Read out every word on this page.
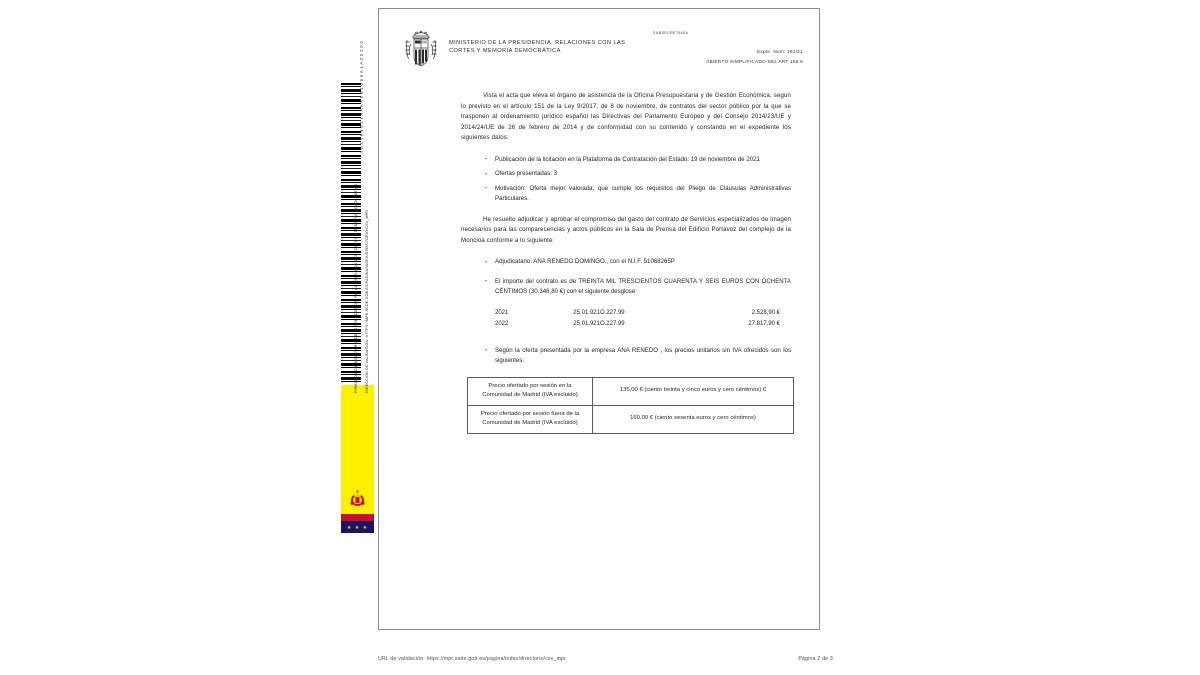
2 6 4 4 6 9 4 2 1 A A A 6 9 B 1 0 5 6 A 1 A 2 5 2 0 0
DIRECCIÓN DE VALIDACIÓN: HTTPS://MPR.SEDE.GOB.ES/PAGINA/INDEX/DIRECTORIO/CSV_MPR
FIRMADO POR: MINISTERIO DE LA PRESIDENCIA, RELACIONES CON LAS CORTES Y MEMORIA DEMOCRÁTICA
★ ★ ★
MINISTERIO DE LA PRESIDENCIA, RELACIONES CON LAS
CORTES Y MEMORIA DEMOCRÁTICA
SUBSECRETARÍA
Expte. Num: 281/21
ABIERTO SIMPLIFICADO DEL ART 159.6

Vista el acta que eleva el órgano de asistencia de la Oficina Presupuestaria y de Gestión Económica, según lo previsto en el artículo 151 de la Ley 9/2017, de 8 de noviembre, de contratos del sector público por la que se trasponen al ordenamiento jurídico español las Directivas del Parlamento Europeo y del Consejo 2014/23/UE y 2014/24/UE de 26 de febrero de 2014 y de conformidad con su contenido y constando en el expediente los siguientes datos:

▪ Publicación de la licitación en la Plataforma de Contratación del Estado: 19 de noviembre de 2021
▪ Ofertas presentadas: 3
▪ Motivación: Oferta mejor valorada, que cumple los requisitos del Pliego de Cláusulas Administrativas Particulares.

He resuelto adjudicar y aprobar el compromiso del gasto del contrato de Servicios especializados de imagen necesarios para las comparecencias y actos públicos en la Sala de Prensa del Edificio Portavoz del complejo de la Moncloa conforme a lo siguiente:

▪ Adjudicatario: ANA RENEDO DOMINGO., con el N.I.F. 51068265P
▪ El importe del contrato es de TREINTA MIL TRESCIENTOS CUARENTA Y SEIS EUROS CON OCHENTA CÉNTIMOS (30.346,80 €) con el siguiente desglose:
2021	25.01.921O.227.99	2.528,90 €
2022	25.01.921O.227.99	27.817,90 €
▪ Según la oferta presentada por la empresa ANA RENEDO , los precios unitarios sin IVA ofrecidos son los siguientes:
Precio ofertado por sesión en la Comunidad de Madrid (IVA excluido)	135,00 € (ciento treinta y cinco euros y cero céntimos) €
Precio ofertado por sesión fuera de la Comunidad de Madrid (IVA excluido)	160,00 € (ciento sesenta euros y cero céntimos)
URL de validación: https://mpr.sede.gob.es/pagina/index/directorio/csv_mpr	Página 2 de 3
